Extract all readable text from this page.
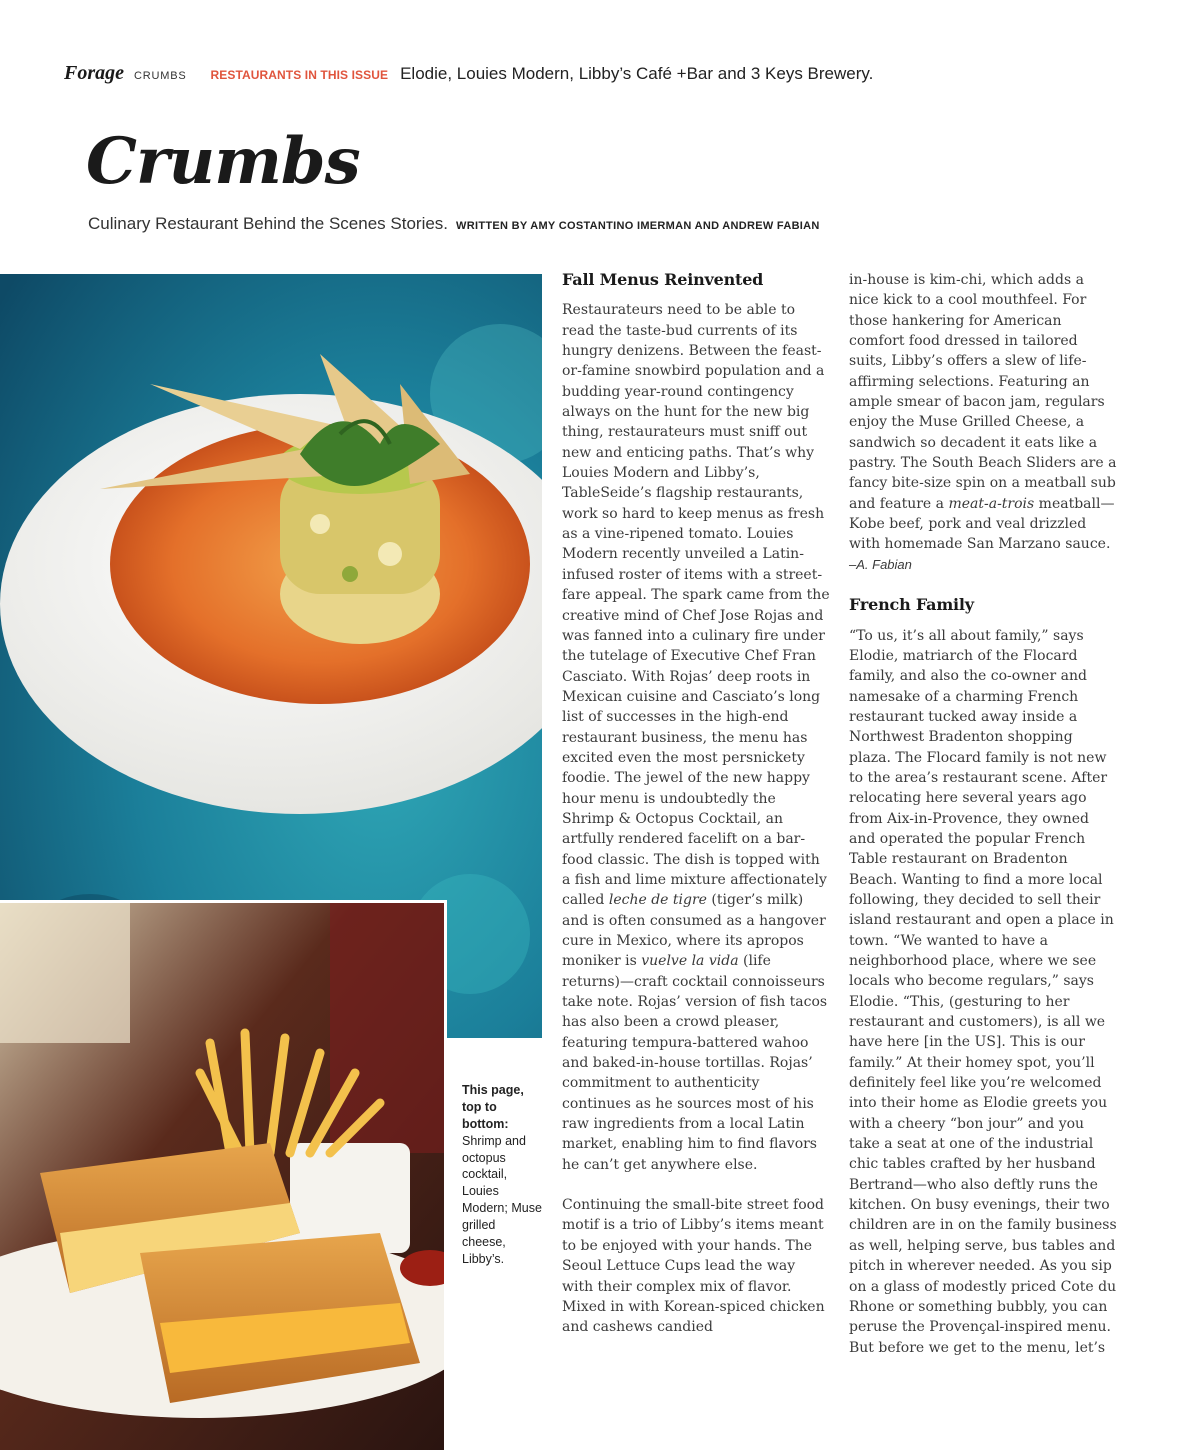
Forage CRUMBS RESTAURANTS IN THIS ISSUE Elodie, Louies Modern, Libby’s Café +Bar and 3 Keys Brewery.
Crumbs
Culinary Restaurant Behind the Scenes Stories. WRITTEN BY AMY COSTANTINO IMERMAN AND ANDREW FABIAN
This page, top to bottom:
Shrimp and octopus cocktail, Louies Modern; Muse grilled cheese, Libby’s.
Fall Menus Reinvented

Restaurateurs need to be able to read the taste-bud currents of its hungry denizens. Between the feast-or-famine snowbird population and a budding year-round contingency always on the hunt for the new big thing, restaurateurs must sniff out new and enticing paths. That’s why Louies Modern and Libby’s, TableSeide’s flagship restaurants, work so hard to keep menus as fresh as a vine-ripened tomato. Louies Modern recently unveiled a Latin-infused roster of items with a street-fare appeal. The spark came from the creative mind of Chef Jose Rojas and was fanned into a culinary fire under the tutelage of Executive Chef Fran Casciato. With Rojas’ deep roots in Mexican cuisine and Casciato’s long list of successes in the high-end restaurant business, the menu has excited even the most persnickety foodie. The jewel of the new happy hour menu is undoubtedly the Shrimp & Octopus Cocktail, an artfully rendered facelift on a bar-food classic. The dish is topped with a fish and lime mixture affectionately called leche de tigre (tiger’s milk) and is often consumed as a hangover cure in Mexico, where its apropos moniker is vuelve la vida (life returns)—craft cocktail connoisseurs take note. Rojas’ version of fish tacos has also been a crowd pleaser, featuring tempura-battered wahoo and baked-in-house tortillas. Rojas’ commitment to authenticity continues as he sources most of his raw ingredients from a local Latin market, enabling him to find flavors he can’t get anywhere else.

Continuing the small-bite street food motif is a trio of Libby’s items meant to be enjoyed with your hands. The Seoul Lettuce Cups lead the way with their complex mix of flavor. Mixed in with Korean-spiced chicken and cashews candied

in-house is kim-chi, which adds a nice kick to a cool mouthfeel. For those hankering for American comfort food dressed in tailored suits, Libby’s offers a slew of life-affirming selections. Featuring an ample smear of bacon jam, regulars enjoy the Muse Grilled Cheese, a sandwich so decadent it eats like a pastry. The South Beach Sliders are a fancy bite-size spin on a meatball sub and feature a meat-a-trois meatball—Kobe beef, pork and veal drizzled with homemade San Marzano sauce. –A. Fabian

French Family

“To us, it’s all about family,” says Elodie, matriarch of the Flocard family, and also the co-owner and namesake of a charming French restaurant tucked away inside a Northwest Bradenton shopping plaza. The Flocard family is not new to the area’s restaurant scene. After relocating here several years ago from Aix-in-Provence, they owned and operated the popular French Table restaurant on Bradenton Beach. Wanting to find a more local following, they decided to sell their island restaurant and open a place in town. “We wanted to have a neighborhood place, where we see locals who become regulars,” says Elodie. “This, (gesturing to her restaurant and customers), is all we have here [in the US]. This is our family.” At their homey spot, you’ll definitely feel like you’re welcomed into their home as Elodie greets you with a cheery “bon jour” and you take a seat at one of the industrial chic tables crafted by her husband Bertrand—who also deftly runs the kitchen. On busy evenings, their two children are in on the family business as well, helping serve, bus tables and pitch in wherever needed. As you sip on a glass of modestly priced Cote du Rhone or something bubbly, you can peruse the Provençal-inspired menu. But before we get to the menu, let’s
